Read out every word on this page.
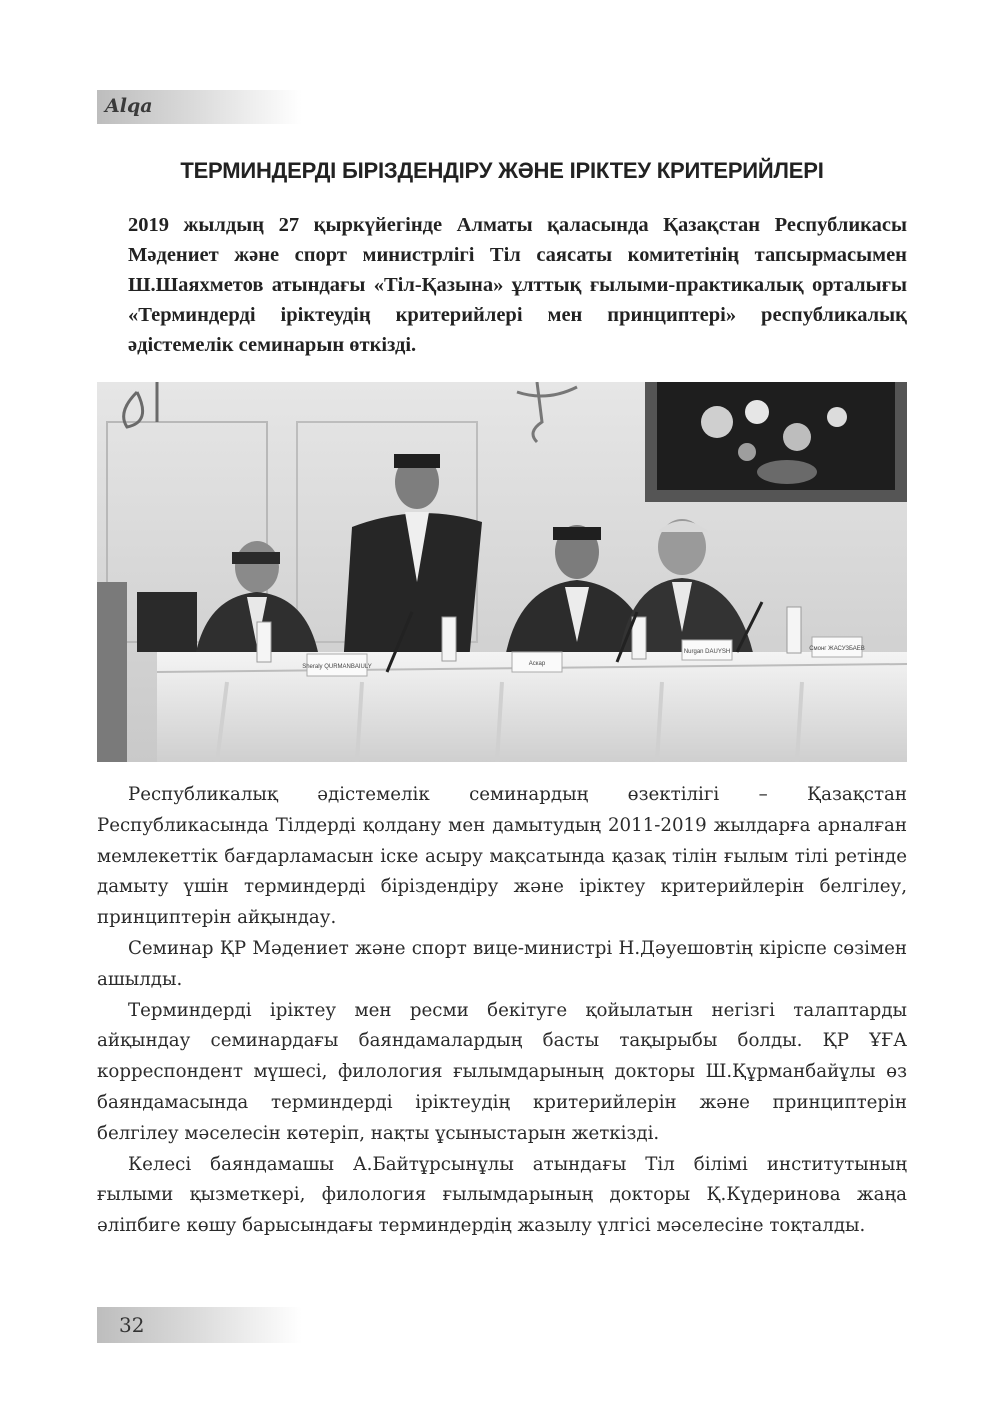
Alqa
ТЕРМИНДЕРДІ БІРІЗДЕНДІРУ ЖӘНЕ ІРІКТЕУ КРИТЕРИЙЛЕРІ

2019 жылдың 27 қыркүйегінде Алматы қаласында Қазақстан Республикасы Мәдениет және спорт министрлігі Тіл саясаты комитетінің тапсырмасымен Ш.Шаяхметов атындағы «Тіл-Қазына» ұлттық ғылыми-практикалық орталығы «Терминдерді іріктеудің критерийлері мен принциптері» республикалық әдістемелік семинарын өткізді.

Sheraly QURMANBAIULY	Аскар
Nurgan DAUYSH	Смонг ЖАСУЗБАЕВ

Республикалық әдістемелік семинардың өзектілігі – Қазақстан Республикасында Тілдерді қолдану мен дамытудың 2011-2019 жылдарға арналған мемлекеттік бағдарламасын іске асыру мақсатында қазақ тілін ғылым тілі ретінде дамыту үшін терминдерді біріздендіру және іріктеу критерийлерін белгілеу, принциптерін айқындау.

Семинар ҚР Мәдениет және спорт вице-министрі Н.Дәуешовтің кіріспе сөзімен ашылды.

Терминдерді іріктеу мен ресми бекітуге қойылатын негізгі талаптарды айқындау семинардағы баяндамалардың басты тақырыбы болды. ҚР ҰҒА корреспондент мүшесі, филология ғылымдарының докторы Ш.Құрманбайұлы өз баяндамасында терминдерді іріктеудің критерийлерін және принциптерін белгілеу мәселесін көтеріп, нақты ұсыныстарын жеткізді.

Келесі баяндамашы А.Байтұрсынұлы атындағы Тіл білімі институтының ғылыми қызметкері, филология ғылымдарының докторы Қ.Күдеринова жаңа әліпбиге көшу барысындағы терминдердің жазылу үлгісі мәселесіне тоқталды.

32
